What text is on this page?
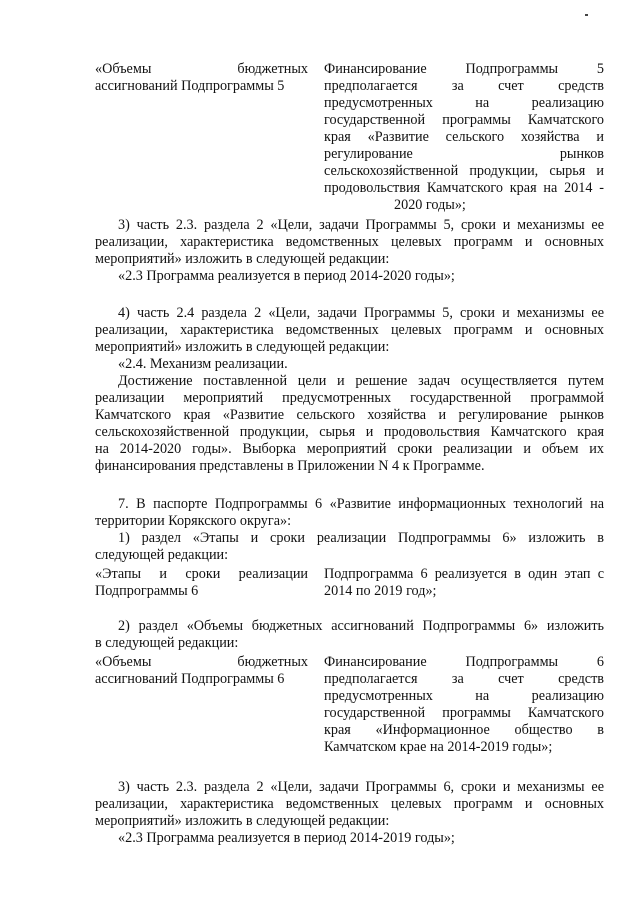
«Объемы бюджетных
ассигнований Подпрограммы 5
Финансирование Подпрограммы 5
предполагается за счет средств
предусмотренных на реализацию
государственной программы Камчатского
края «Развитие сельского хозяйства и
регулирование рынков
сельскохозяйственной продукции, сырья и
продовольствия Камчатского края на 2014 -
2020 годы»;
3) часть 2.3. раздела 2 «Цели, задачи Программы 5, сроки и механизмы ее
реализации, характеристика ведомственных целевых программ и основных
мероприятий» изложить в следующей редакции:
«2.3 Программа реализуется в период 2014-2020 годы»;
4) часть 2.4 раздела 2 «Цели, задачи Программы 5, сроки и механизмы ее
реализации, характеристика ведомственных целевых программ и основных
мероприятий» изложить в следующей редакции:
«2.4. Механизм реализации.
Достижение поставленной цели и решение задач осуществляется путем
реализации мероприятий предусмотренных государственной программой
Камчатского края «Развитие сельского хозяйства и регулирование рынков
сельскохозяйственной продукции, сырья и продовольствия Камчатского края
на 2014-2020 годы». Выборка мероприятий сроки реализации и объем их
финансирования представлены в Приложении N 4 к Программе.
7. В паспорте Подпрограммы 6 «Развитие информационных технологий на
территории Корякского округа»:
1) раздел «Этапы и сроки реализации Подпрограммы 6» изложить в
следующей редакции:
«Этапы и сроки реализации
Подпрограммы 6
Подпрограмма 6 реализуется в один этап с
2014 по 2019 год»;
2) раздел «Объемы бюджетных ассигнований Подпрограммы 6» изложить
в следующей редакции:
«Объемы бюджетных
ассигнований Подпрограммы 6
Финансирование Подпрограммы 6
предполагается за счет средств
предусмотренных на реализацию
государственной программы Камчатского
края «Информационное общество в
Камчатском крае на 2014-2019 годы»;
3) часть 2.3. раздела 2 «Цели, задачи Программы 6, сроки и механизмы ее
реализации, характеристика ведомственных целевых программ и основных
мероприятий» изложить в следующей редакции:
«2.3 Программа реализуется в период 2014-2019 годы»;
